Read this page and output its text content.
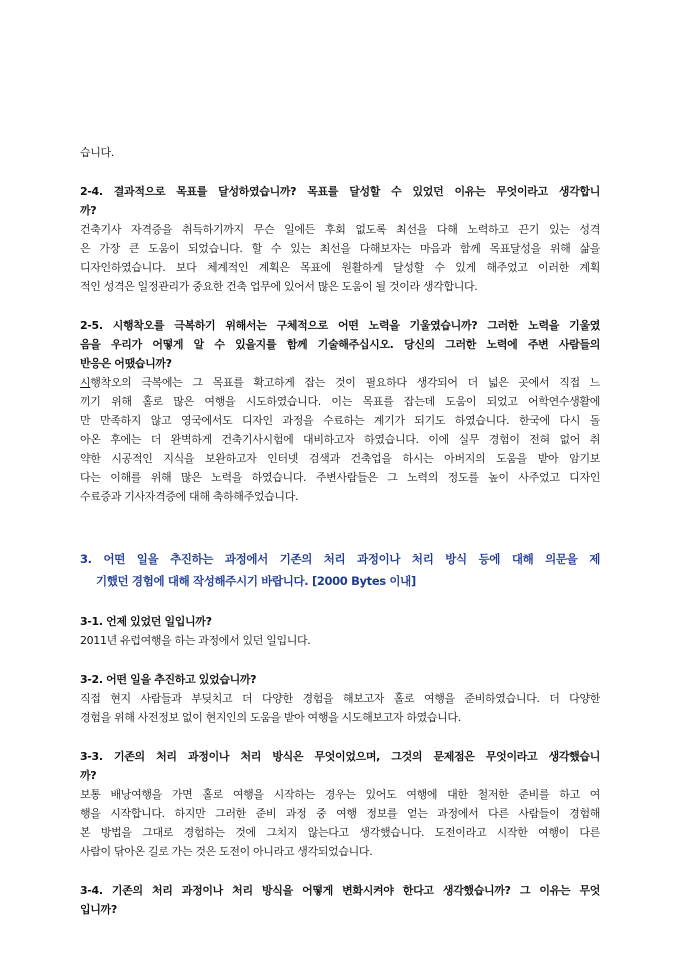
습니다.
2-4. 결과적으로 목표를 달성하였습니까? 목표를 달성할 수 있었던 이유는 무엇이라고 생각합니
까?
건축기사 자격증을 취득하기까지 무슨 일에든 후회 없도록 최선을 다해 노력하고 끈기 있는 성격
은 가장 큰 도움이 되었습니다. 할 수 있는 최선을 다해보자는 마음과 함께 목표달성을 위해 삶을
디자인하였습니다. 보다 체계적인 계획은 목표에 원활하게 달성할 수 있게 해주었고 이러한 계획
적인 성격은 일정관리가 중요한 건축 업무에 있어서 많은 도움이 될 것이라 생각합니다.
2-5. 시행착오를 극복하기 위해서는 구체적으로 어떤 노력을 기울였습니까? 그러한 노력을 기울였
음을 우리가 어떻게 알 수 있을지를 함께 기술해주십시오. 당신의 그러한 노력에 주변 사람들의
반응은 어땠습니까?
시행착오의 극복에는 그 목표를 확고하게 잡는 것이 필요하다 생각되어 더 넓은 곳에서 직접 느
끼기 위해 홀로 많은 여행을 시도하였습니다. 이는 목표를 잡는데 도움이 되었고 어학연수생활에
만 만족하지 않고 영국에서도 디자인 과정을 수료하는 계기가 되기도 하였습니다. 한국에 다시 돌
아온 후에는 더 완벽하게 건축기사시험에 대비하고자 하였습니다. 이에 실무 경험이 전혀 없어 취
약한 시공적인 지식을 보완하고자 인터넷 검색과 건축업을 하시는 아버지의 도움을 받아 암기보
다는 이해를 위해 많은 노력을 하였습니다. 주변사람들은 그 노력의 정도를 높이 사주었고 디자인
수료증과 기사자격증에 대해 축하해주었습니다.
3. 어떤 일을 추진하는 과정에서 기존의 처리 과정이나 처리 방식 등에 대해 의문을 제
기했던 경험에 대해 작성해주시기 바랍니다. [2000 Bytes 이내]
3-1. 언제 있었던 일입니까?
2011년 유럽여행을 하는 과정에서 있던 일입니다.
3-2. 어떤 일을 추진하고 있었습니까?
직접 현지 사람들과 부딪치고 더 다양한 경험을 해보고자 홀로 여행을 준비하였습니다. 더 다양한
경험을 위해 사전정보 없이 현지인의 도움을 받아 여행을 시도해보고자 하였습니다.
3-3. 기존의 처리 과정이나 처리 방식은 무엇이었으며, 그것의 문제점은 무엇이라고 생각했습니
까?
보통 배낭여행을 가면 홀로 여행을 시작하는 경우는 있어도 여행에 대한 철저한 준비를 하고 여
행을 시작합니다. 하지만 그러한 준비 과정 중 여행 정보를 얻는 과정에서 다른 사람들이 경험해
본 방법을 그대로 경험하는 것에 그치지 않는다고 생각했습니다. 도전이라고 시작한 여행이 다른
사람이 닦아온 길로 가는 것은 도전이 아니라고 생각되었습니다.
3-4. 기존의 처리 과정이나 처리 방식을 어떻게 변화시켜야 한다고 생각했습니까? 그 이유는 무엇
입니까?
